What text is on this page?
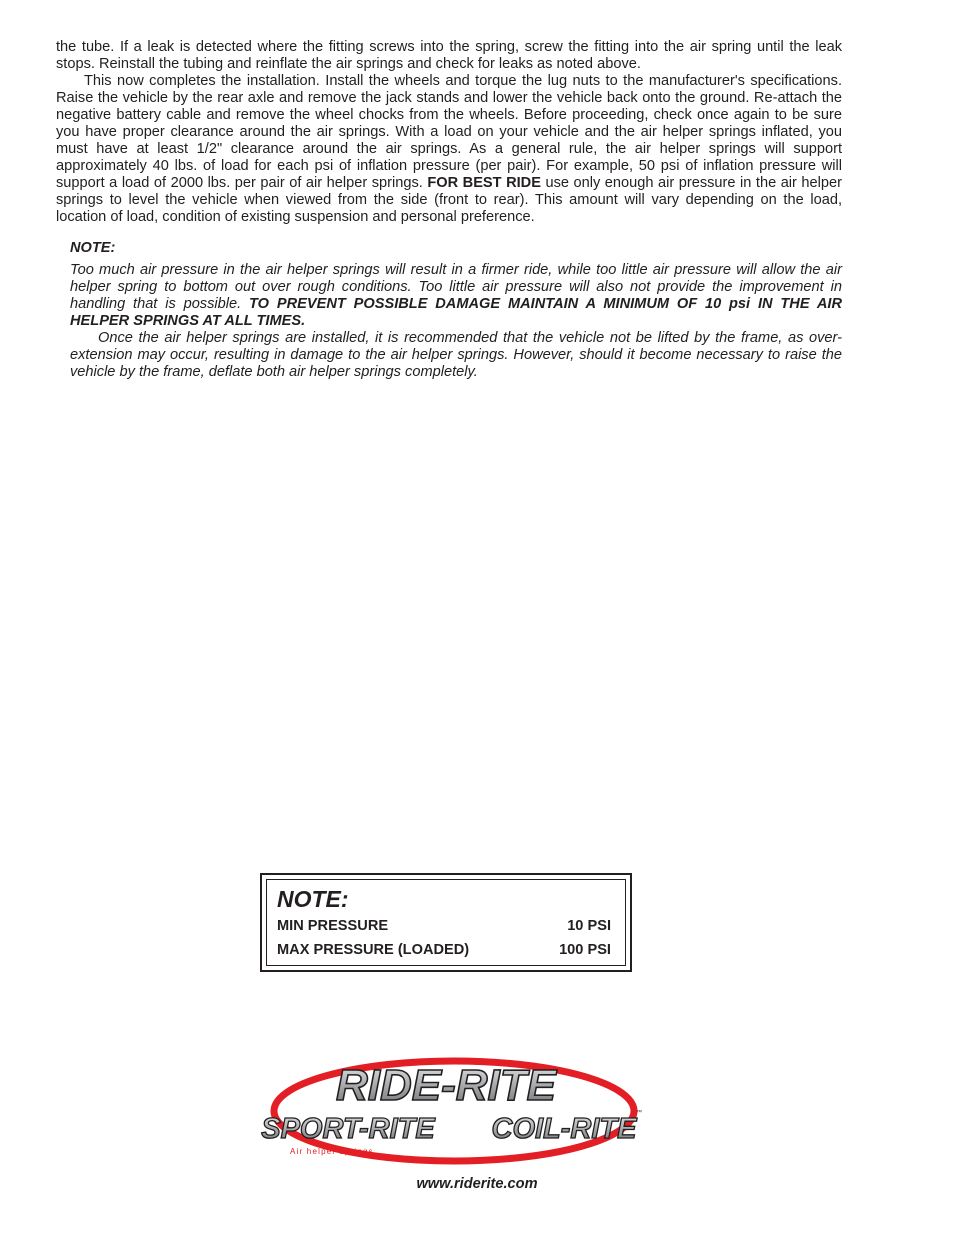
the tube. If a leak is detected where the fitting screws into the spring, screw the fitting into the air spring until the leak stops. Reinstall the tubing and reinflate the air springs and check for leaks as noted above.

This now completes the installation. Install the wheels and torque the lug nuts to the manufacturer's specifications. Raise the vehicle by the rear axle and remove the jack stands and lower the vehicle back onto the ground. Re-attach the negative battery cable and remove the wheel chocks from the wheels. Before proceeding, check once again to be sure you have proper clearance around the air springs. With a load on your vehicle and the air helper springs inflated, you must have at least 1/2" clearance around the air springs. As a general rule, the air helper springs will support approximately 40 lbs. of load for each psi of inflation pressure (per pair). For example, 50 psi of inflation pressure will support a load of 2000 lbs. per pair of air helper springs. FOR BEST RIDE use only enough air pressure in the air helper springs to level the vehicle when viewed from the side (front to rear). This amount will vary depending on the load, location of load, condition of existing suspension and personal preference.

NOTE:

Too much air pressure in the air helper springs will result in a firmer ride, while too little air pressure will allow the air helper spring to bottom out over rough conditions. Too little air pressure will also not provide the improvement in handling that is possible. TO PREVENT POSSIBLE DAMAGE MAINTAIN A MINIMUM OF 10 psi IN THE AIR HELPER SPRINGS AT ALL TIMES.

Once the air helper springs are installed, it is recommended that the vehicle not be lifted by the frame, as over-extension may occur, resulting in damage to the air helper springs. However, should it become necessary to raise the vehicle by the frame, deflate both air helper springs completely.

NOTE:
MIN PRESSURE	10 PSI
MAX PRESSURE (LOADED)	100 PSI
RIDE-RITE
SPORT-RITE COIL-RITE ™
Air helper springs
www.riderite.com
